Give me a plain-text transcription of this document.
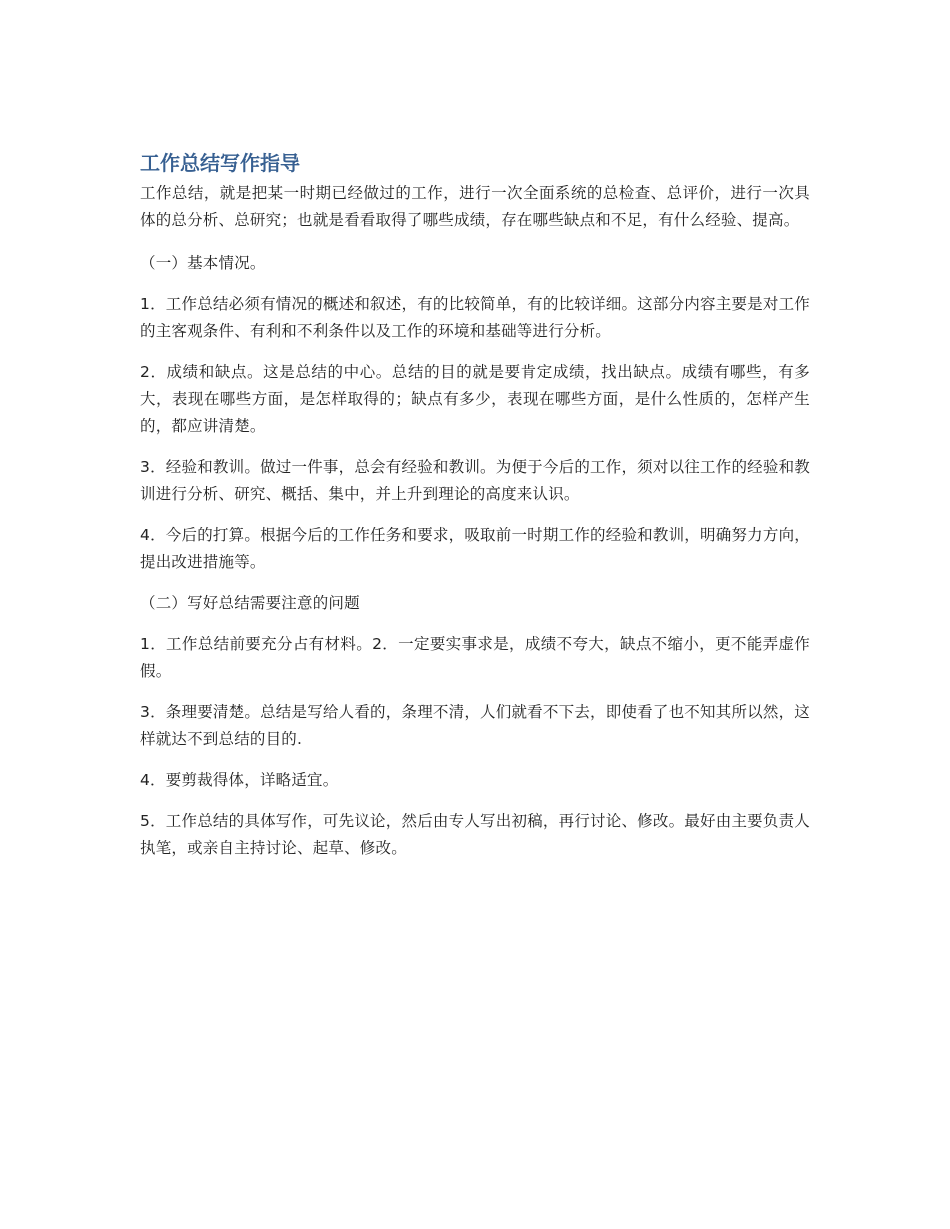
工作总结写作指导

工作总结，就是把某一时期已经做过的工作，进行一次全面系统的总检查、总评价，进行一次具体的总分析、总研究；也就是看看取得了哪些成绩，存在哪些缺点和不足，有什么经验、提高。

（一）基本情况。

1．工作总结必须有情况的概述和叙述，有的比较简单，有的比较详细。这部分内容主要是对工作的主客观条件、有利和不利条件以及工作的环境和基础等进行分析。

2．成绩和缺点。这是总结的中心。总结的目的就是要肯定成绩，找出缺点。成绩有哪些，有多大，表现在哪些方面，是怎样取得的；缺点有多少，表现在哪些方面，是什么性质的，怎样产生的，都应讲清楚。

3．经验和教训。做过一件事，总会有经验和教训。为便于今后的工作，须对以往工作的经验和教训进行分析、研究、概括、集中，并上升到理论的高度来认识。

4．今后的打算。根据今后的工作任务和要求，吸取前一时期工作的经验和教训，明确努力方向，提出改进措施等。

（二）写好总结需要注意的问题

1．工作总结前要充分占有材料。2．一定要实事求是，成绩不夸大，缺点不缩小，更不能弄虚作假。

3．条理要清楚。总结是写给人看的，条理不清，人们就看不下去，即使看了也不知其所以然，这样就达不到总结的目的.

4．要剪裁得体，详略适宜。

5．工作总结的具体写作，可先议论，然后由专人写出初稿，再行讨论、修改。最好由主要负责人执笔，或亲自主持讨论、起草、修改。
